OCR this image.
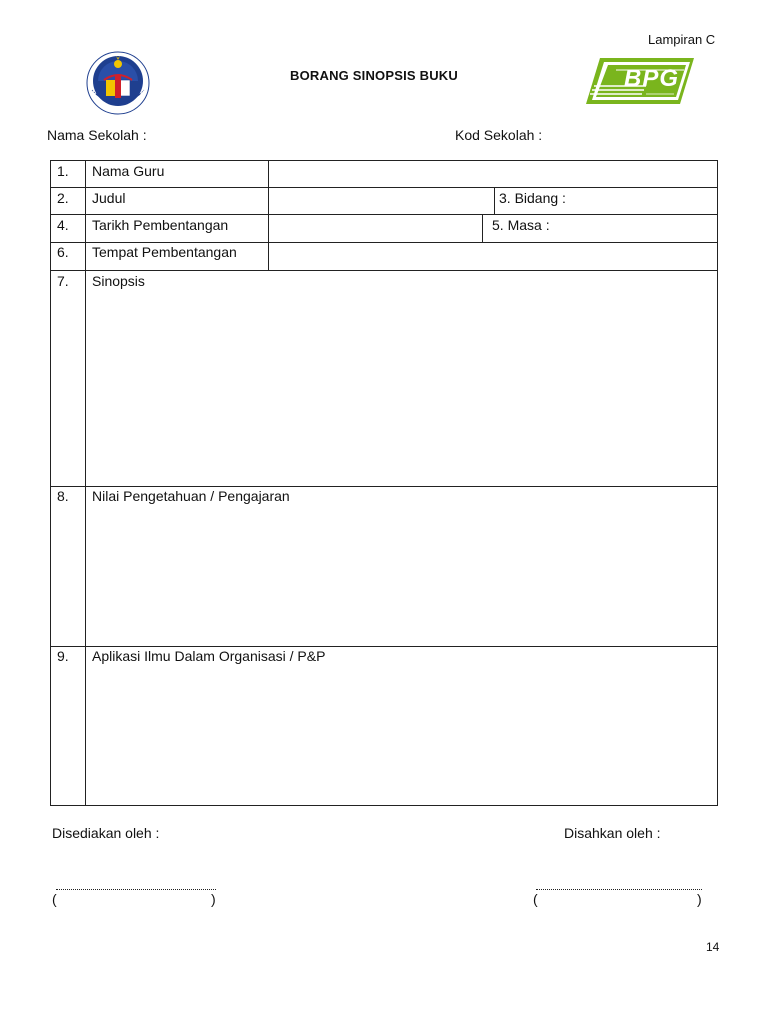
Lampiran C
BORANG SINOPSIS BUKU	BPG
Nama Sekolah :	Kod Sekolah :
1. Nama Guru
2. Judul	3. Bidang :
4. Tarikh Pembentangan	5. Masa :
6. Tempat Pembentangan
7. Sinopsis
8. Nilai Pengetahuan / Pengajaran
9. Aplikasi Ilmu Dalam Organisasi / P&P
Disediakan oleh :	Disahkan oleh :
(	)	(	)
14
